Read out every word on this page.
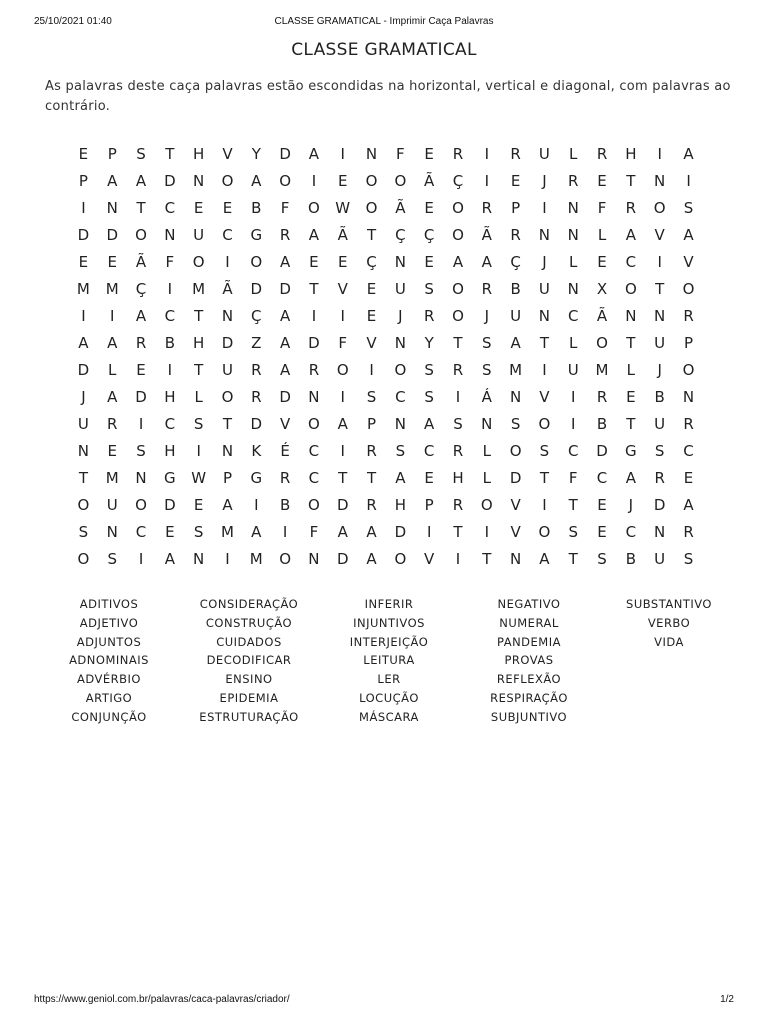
25/10/2021 01:40	CLASSE GRAMATICAL - Imprimir Caça Palavras
CLASSE GRAMATICAL
As palavras deste caça palavras estão escondidas na horizontal, vertical e diagonal, com palavras ao contrário.
E	P	S	T	H	V	Y	D	A	I	N	F	E	R	I	R	U	L	R	H	I	A
P	A	A	D	N	O	A	O	I	E	O	O	Ã	Ç	I	E	J	R	E	T	N	I
I	N	T	C	E	E	B	F	O	W	O	Ã	E	O	R	P	I	N	F	R	O	S
D	D	O	N	U	C	G	R	A	Ã	T	Ç	Ç	O	Ã	R	N	N	L	A	V	A
E	E	Ã	F	O	I	O	A	E	E	Ç	N	E	A	A	Ç	J	L	E	C	I	V
M	M	Ç	I	M	Ã	D	D	T	V	E	U	S	O	R	B	U	N	X	O	T	O
I	I	A	C	T	N	Ç	A	I	I	E	J	R	O	J	U	N	C	Ã	N	N	R
A	A	R	B	H	D	Z	A	D	F	V	N	Y	T	S	A	T	L	O	T	U	P
D	L	E	I	T	U	R	A	R	O	I	O	S	R	S	M	I	U	M	L	J	O
J	A	D	H	L	O	R	D	N	I	S	C	S	I	Á	N	V	I	R	E	B	N
U	R	I	C	S	T	D	V	O	A	P	N	A	S	N	S	O	I	B	T	U	R
N	E	S	H	I	N	K	É	C	I	R	S	C	R	L	O	S	C	D	G	S	C
T	M	N	G	W	P	G	R	C	T	T	A	E	H	L	D	T	F	C	A	R	E
O	U	O	D	E	A	I	B	O	D	R	H	P	R	O	V	I	T	E	J	D	A
S	N	C	E	S	M	A	I	F	A	A	D	I	T	I	V	O	S	E	C	N	R
O	S	I	A	N	I	M	O	N	D	A	O	V	I	T	N	A	T	S	B	U	S
ADITIVOS
ADJETIVO
ADJUNTOS
ADNOMINAIS
ADVÉRBIO
ARTIGO
CONJUNÇÃO
CONSIDERAÇÃO
CONSTRUÇÃO
CUIDADOS
DECODIFICAR
ENSINO
EPIDEMIA
ESTRUTURAÇÃO
INFERIR
INJUNTIVOS
INTERJEIÇÃO
LEITURA
LER
LOCUÇÃO
MÁSCARA
NEGATIVO
NUMERAL
PANDEMIA
PROVAS
REFLEXÃO
RESPIRAÇÃO
SUBJUNTIVO
SUBSTANTIVO
VERBO
VIDA
https://www.geniol.com.br/palavras/caca-palavras/criador/	1/2
